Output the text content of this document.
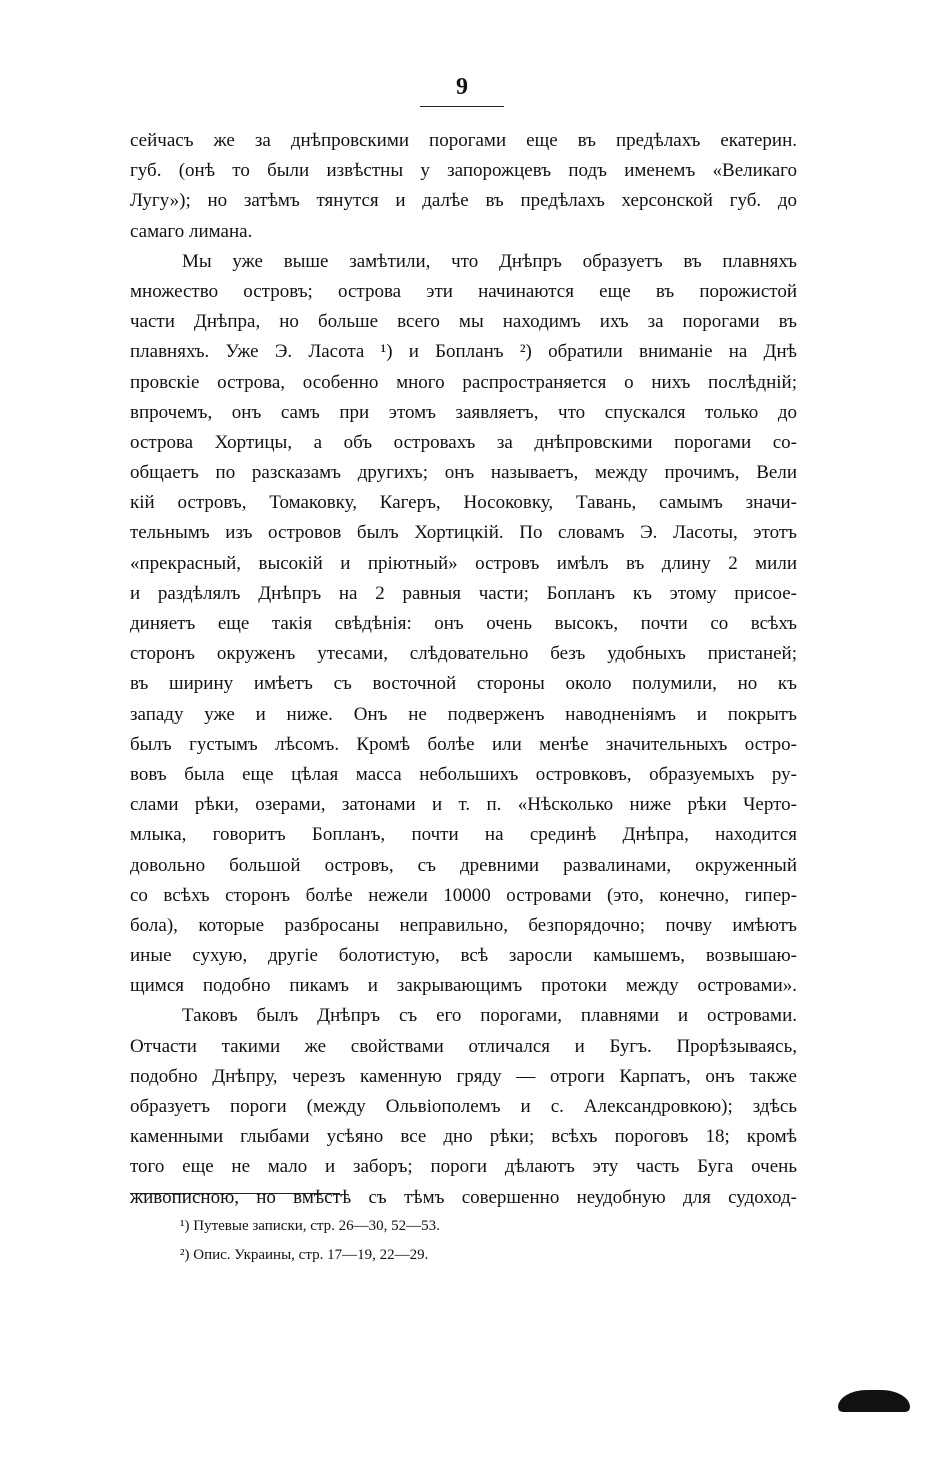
9
сейчасъ же за днѣпровскими порогами еще въ предѣлахъ екатерин.
губ. (онѣ то были извѣстны у запорожцевъ подъ именемъ «Великаго
Лугу»); но затѣмъ тянутся и далѣе въ предѣлахъ херсонской губ. до
самаго лимана.
Мы уже выше замѣтили, что Днѣпръ образуетъ въ плавняхъ
множество островъ; острова эти начинаются еще въ порожистой
части Днѣпра, но больше всего мы находимъ ихъ за порогами въ
плавняхъ. Уже Э. Ласота ¹) и Бопланъ ²) обратили вниманіе на Днѣ
провскіе острова, особенно много распространяется о нихъ послѣдній;
впрочемъ, онъ самъ при этомъ заявляетъ, что спускался только до
острова Хортицы, а объ островахъ за днѣпровскими порогами со-
общаетъ по разсказамъ другихъ; онъ называетъ, между прочимъ, Вели
кій островъ, Томаковку, Кагеръ, Носоковку, Тавань, самымъ значи-
тельнымъ изъ островов былъ Хортицкій. По словамъ Э. Ласоты, этотъ
«прекрасный, высокій и пріютный» островъ имѣлъ въ длину 2 мили
и раздѣлялъ Днѣпръ на 2 равныя части; Бопланъ къ этому присое-
диняетъ еще такія свѣдѣнія: онъ очень высокъ, почти со всѣхъ
сторонъ окруженъ утесами, слѣдовательно безъ удобныхъ пристаней;
въ ширину имѣетъ съ восточной стороны около полумили, но къ
западу уже и ниже. Онъ не подверженъ наводненіямъ и покрытъ
былъ густымъ лѣсомъ. Кромѣ болѣе или менѣе значительныхъ остро-
вовъ была еще цѣлая масса небольшихъ островковъ, образуемыхъ ру-
слами рѣки, озерами, затонами и т. п. «Нѣсколько ниже рѣки Черто-
млыка, говоритъ Бопланъ, почти на срединѣ Днѣпра, находится
довольно большой островъ, съ древними развалинами, окруженный
со всѣхъ сторонъ болѣе нежели 10000 островами (это, конечно, гипер-
бола), которые разбросаны неправильно, безпорядочно; почву имѣютъ
иные сухую, другіе болотистую, всѣ заросли камышемъ, возвышаю-
щимся подобно пикамъ и закрывающимъ протоки между островами».
Таковъ былъ Днѣпръ съ его порогами, плавнями и островами.
Отчасти такими же свойствами отличался и Бугъ. Прорѣзываясь,
подобно Днѣпру, черезъ каменную гряду — отроги Карпатъ, онъ также
образуетъ пороги (между Ольвіополемъ и с. Александровкою); здѣсь
каменными глыбами усѣяно все дно рѣки; всѣхъ пороговъ 18; кромѣ
того еще не мало и заборъ; пороги дѣлаютъ эту часть Буга очень
живописною, но вмѣстѣ съ тѣмъ совершенно неудобную для судоход-
¹) Путевые записки, стр. 26—30, 52—53.
²) Опис. Украины, стр. 17—19, 22—29.
